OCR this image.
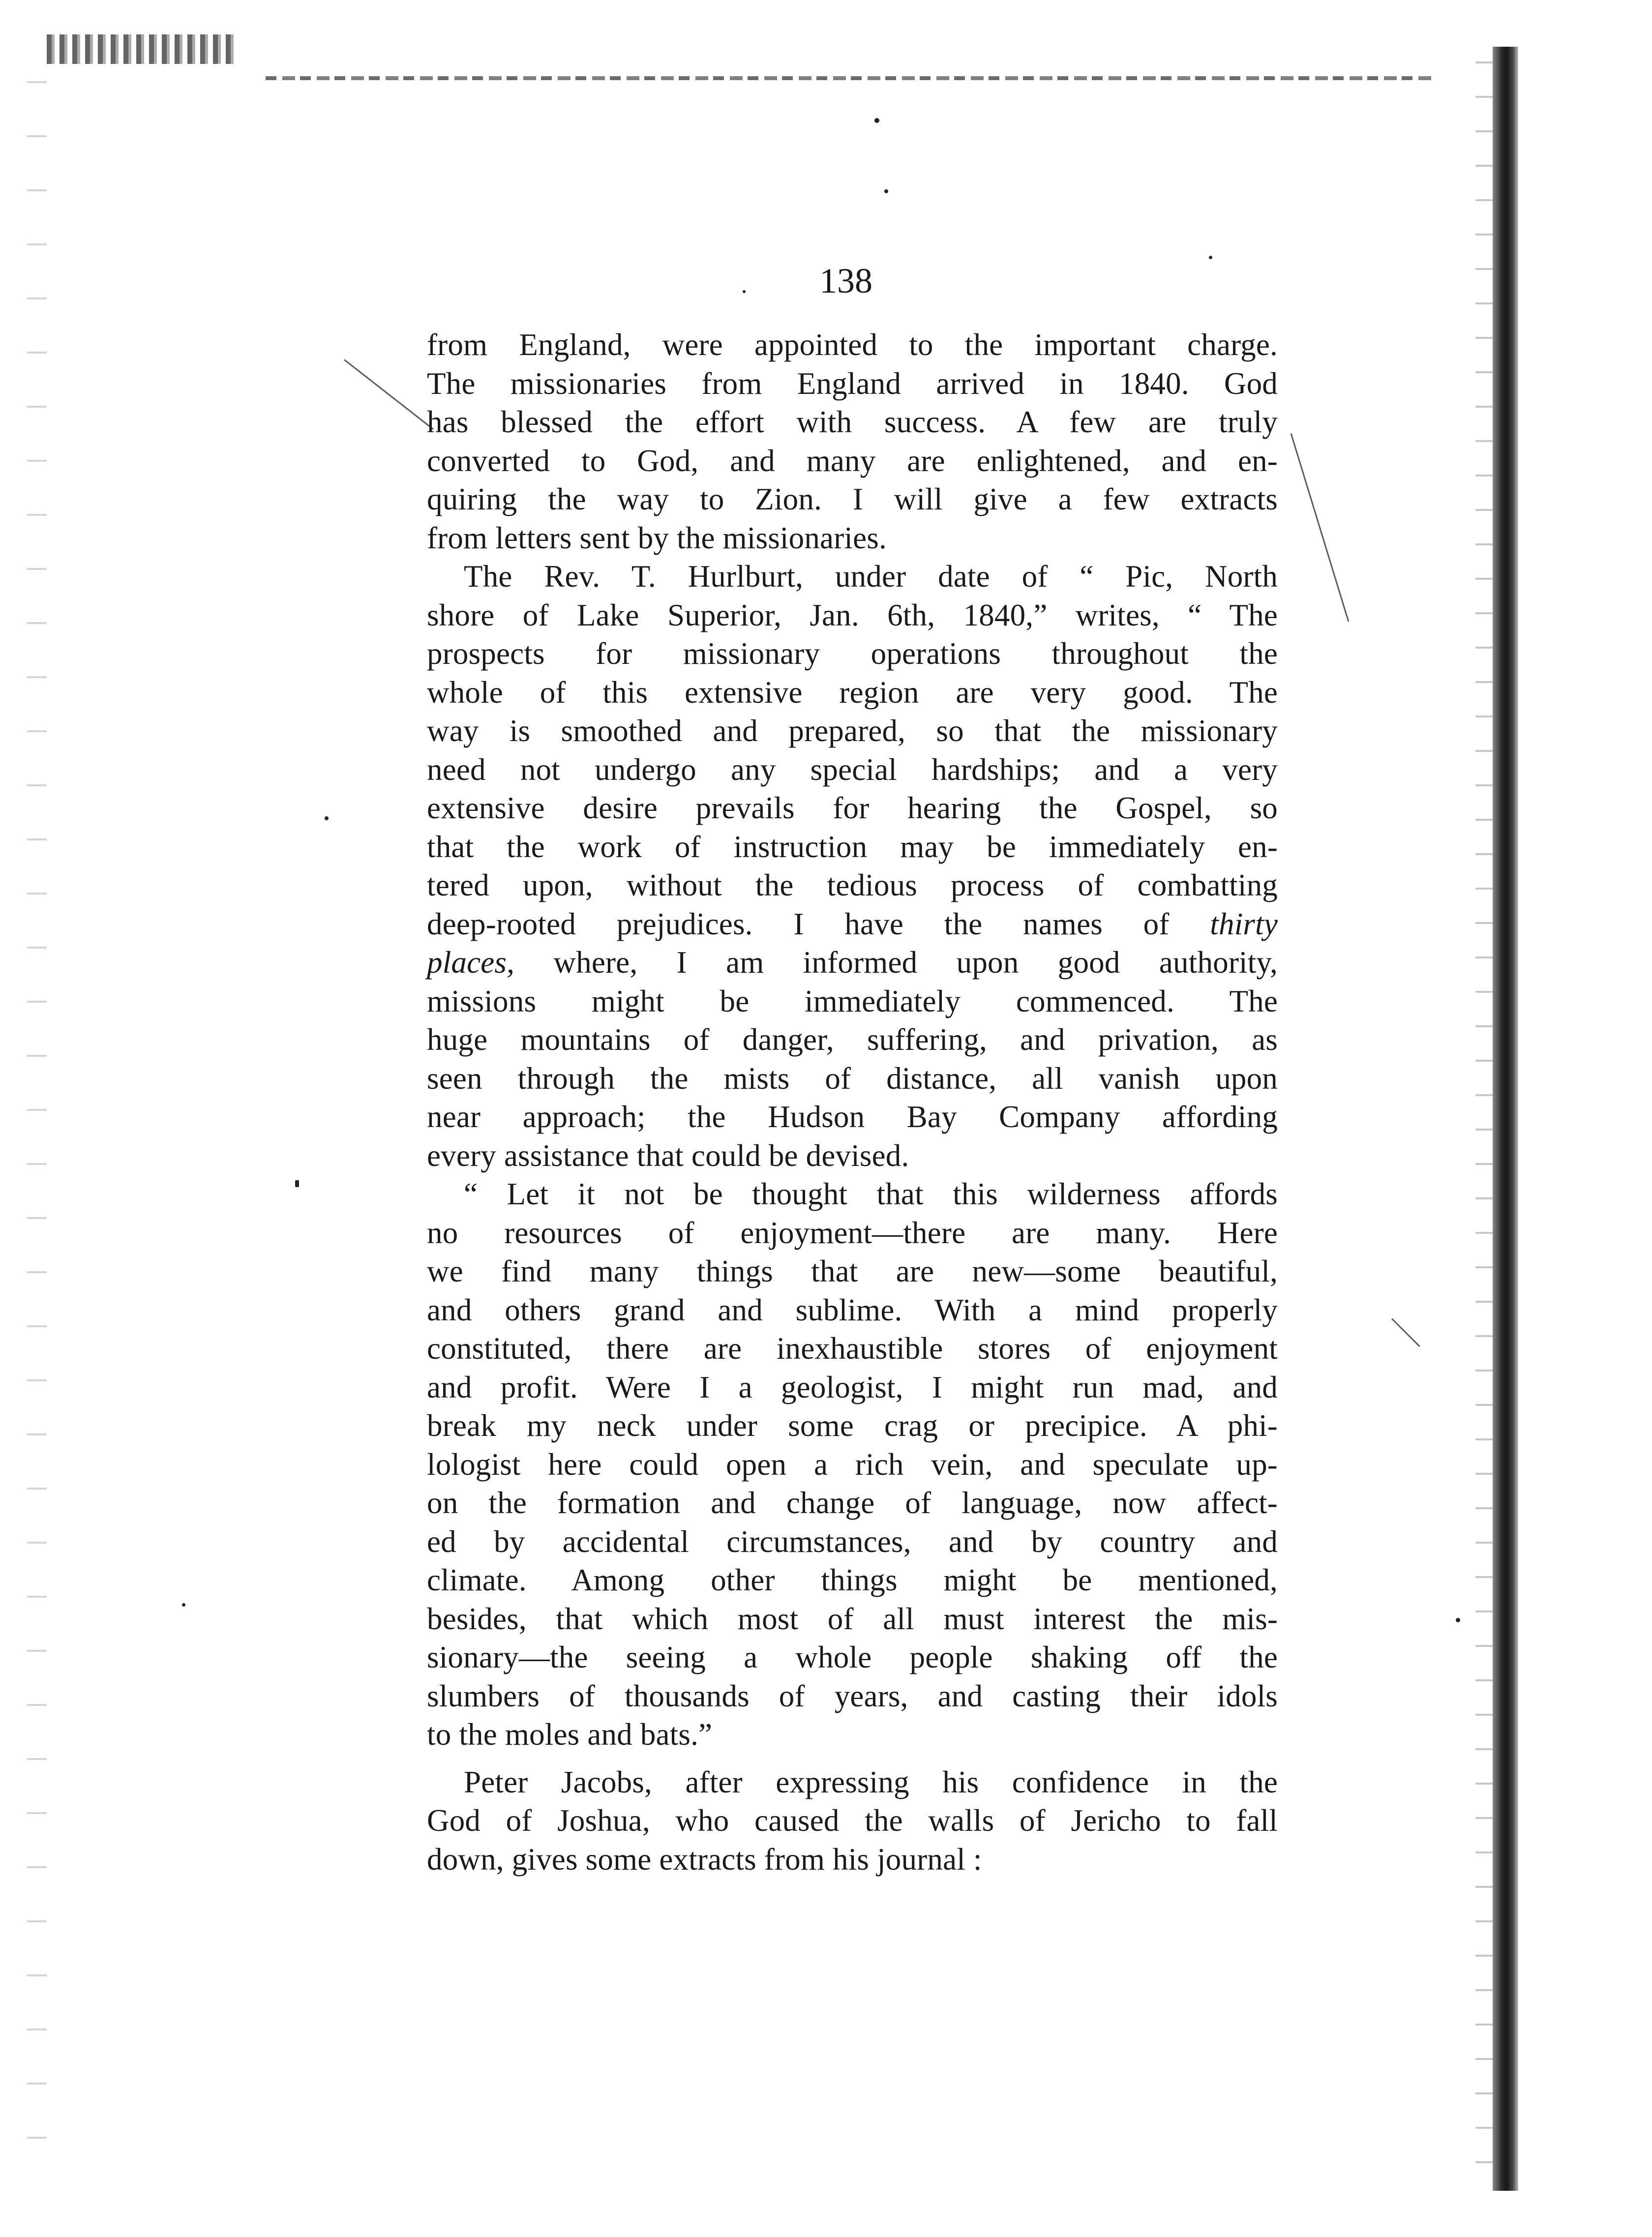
138
from England, were appointed to the important charge.
The missionaries from England arrived in 1840. God
has blessed the effort with success. A few are truly
converted to God, and many are enlightened, and en-
quiring the way to Zion. I will give a few extracts
from letters sent by the missionaries.
The Rev. T. Hurlburt, under date of “ Pic, North
shore of Lake Superior, Jan. 6th, 1840,” writes, “ The
prospects for missionary operations throughout the
whole of this extensive region are very good. The
way is smoothed and prepared, so that the missionary
need not undergo any special hardships; and a very
extensive desire prevails for hearing the Gospel, so
that the work of instruction may be immediately en-
tered upon, without the tedious process of combatting
deep-rooted prejudices. I have the names of thirty
places, where, I am informed upon good authority,
missions might be immediately commenced. The
huge mountains of danger, suffering, and privation, as
seen through the mists of distance, all vanish upon
near approach; the Hudson Bay Company affording
every assistance that could be devised.
“ Let it not be thought that this wilderness affords
no resources of enjoyment—there are many. Here
we find many things that are new—some beautiful,
and others grand and sublime. With a mind properly
constituted, there are inexhaustible stores of enjoyment
and profit. Were I a geologist, I might run mad, and
break my neck under some crag or precipice. A phi-
lologist here could open a rich vein, and speculate up-
on the formation and change of language, now affect-
ed by accidental circumstances, and by country and
climate. Among other things might be mentioned,
besides, that which most of all must interest the mis-
sionary—the seeing a whole people shaking off the
slumbers of thousands of years, and casting their idols
to the moles and bats.”
Peter Jacobs, after expressing his confidence in the
God of Joshua, who caused the walls of Jericho to fall
down, gives some extracts from his journal :
